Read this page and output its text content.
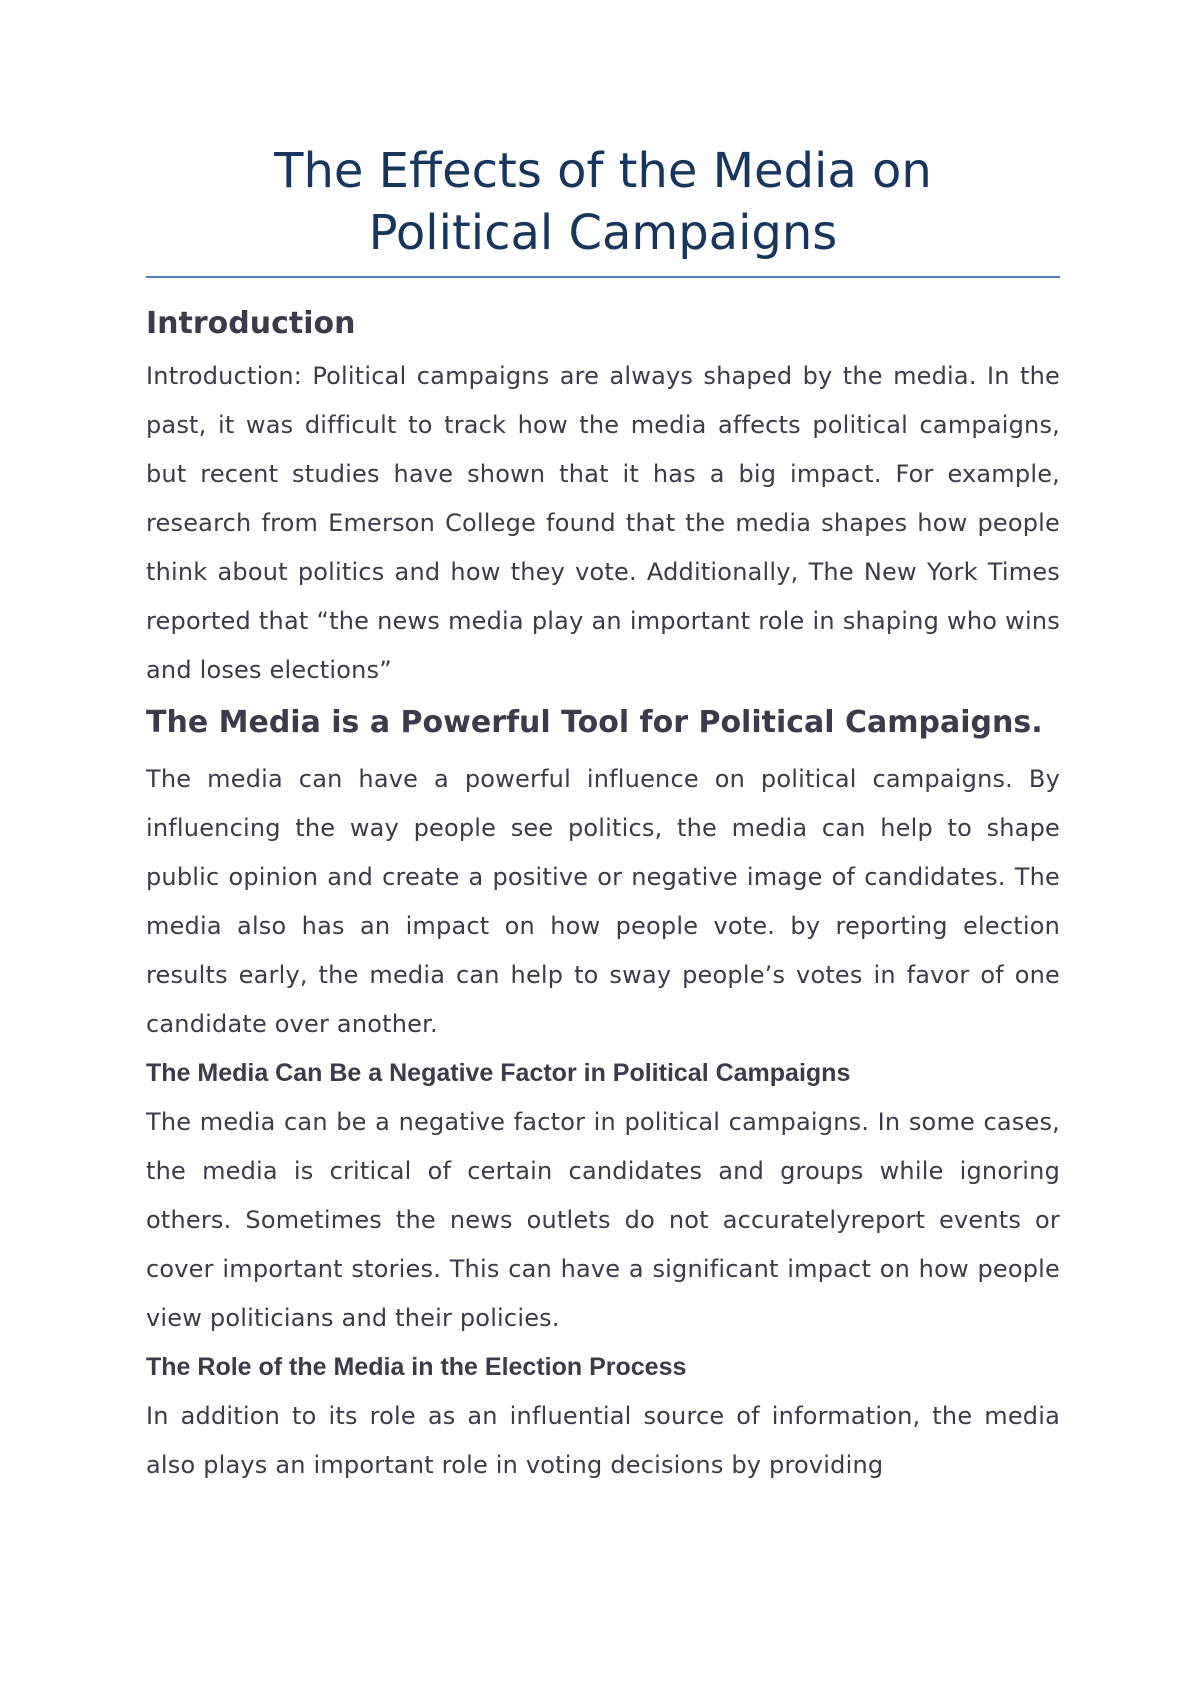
The Effects of the Media on
Political Campaigns
Introduction

Introduction: Political campaigns are always shaped by the media. In the past, it was difficult to track how the media affects political campaigns, but recent studies have shown that it has a big impact. For example, research from Emerson College found that the media shapes how people think about politics and how they vote. Additionally, The New York Times reported that “the news media play an important role in shaping who wins and loses elections”

The Media is a Powerful Tool for Political Campaigns.

The media can have a powerful influence on political campaigns. By influencing the way people see politics, the media can help to shape public opinion and create a positive or negative image of candidates. The media also has an impact on how people vote. by reporting election results early, the media can help to sway people’s votes in favor of one candidate over another.

The Media Can Be a Negative Factor in Political Campaigns

The media can be a negative factor in political campaigns. In some cases, the media is critical of certain candidates and groups while ignoring others. Sometimes the news outlets do not accuratelyreport events or cover important stories. This can have a significant impact on how people view politicians and their policies.

The Role of the Media in the Election Process

In addition to its role as an influential source of information, the media also plays an important role in voting decisions by providing
